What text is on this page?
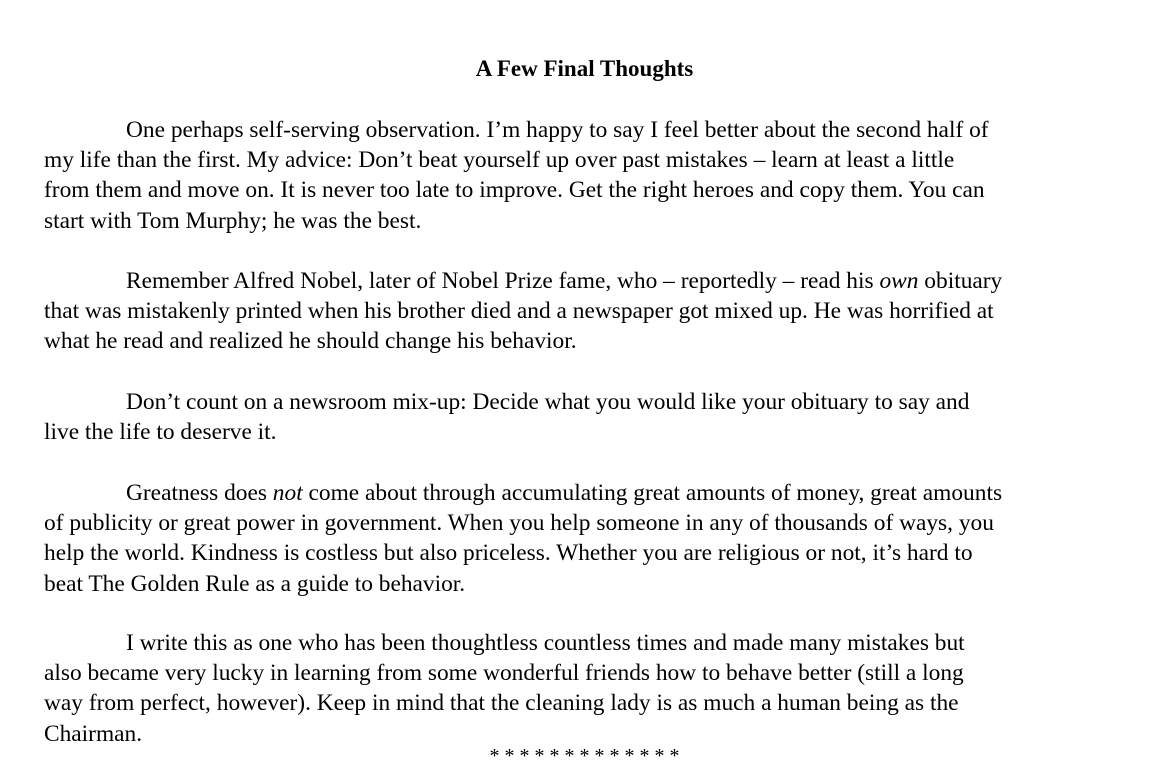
A Few Final Thoughts

One perhaps self-serving observation. I’m happy to say I feel better about the second half of
my life than the first. My advice: Don’t beat yourself up over past mistakes – learn at least a little
from them and move on. It is never too late to improve. Get the right heroes and copy them. You can
start with Tom Murphy; he was the best.

Remember Alfred Nobel, later of Nobel Prize fame, who – reportedly – read his own obituary
that was mistakenly printed when his brother died and a newspaper got mixed up. He was horrified at
what he read and realized he should change his behavior.

Don’t count on a newsroom mix-up: Decide what you would like your obituary to say and
live the life to deserve it.

Greatness does not come about through accumulating great amounts of money, great amounts
of publicity or great power in government. When you help someone in any of thousands of ways, you
help the world. Kindness is costless but also priceless. Whether you are religious or not, it’s hard to
beat The Golden Rule as a guide to behavior.

I write this as one who has been thoughtless countless times and made many mistakes but
also became very lucky in learning from some wonderful friends how to behave better (still a long
way from perfect, however). Keep in mind that the cleaning lady is as much a human being as the
Chairman.

* * * * * * * * * * * * *
